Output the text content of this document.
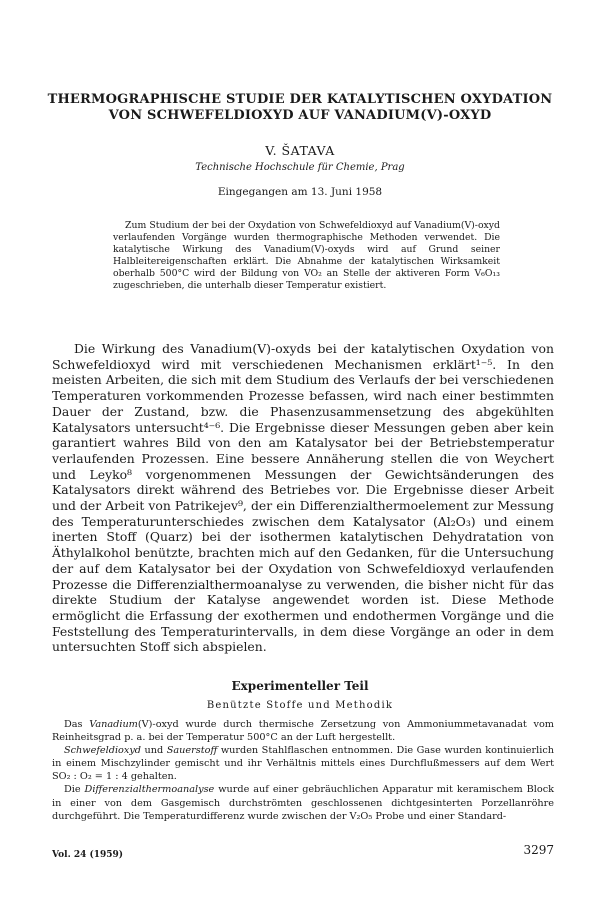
THERMOGRAPHISCHE STUDIE DER KATALYTISCHEN OXYDATION
VON SCHWEFELDIOXYD AUF VANADIUM(V)-OXYD
V. ŠATAVA
Technische Hochschule für Chemie, Prag
Eingegangen am 13. Juni 1958

Zum Studium der bei der Oxydation von Schwefeldioxyd auf Vanadium(V)-oxyd verlaufenden Vorgänge wurden thermographische Methoden verwendet. Die katalytische Wirkung des Vanadium(V)-oxyds wird auf Grund seiner Halbleitereigenschaften erklärt. Die Abnahme der katalytischen Wirksamkeit oberhalb 500°C wird der Bildung von VO₂ an Stelle der aktiveren Form V₆O₁₃ zugeschrieben, die unterhalb dieser Temperatur existiert.

Die Wirkung des Vanadium(V)-oxyds bei der katalytischen Oxydation von Schwefeldioxyd wird mit verschiedenen Mechanismen erklärt¹⁻⁵. In den meisten Arbeiten, die sich mit dem Studium des Verlaufs der bei verschiedenen Temperaturen vorkommenden Prozesse befassen, wird nach einer bestimmten Dauer der Zustand, bzw. die Phasenzusammensetzung des abgekühlten Katalysators untersucht⁴⁻⁶. Die Ergebnisse dieser Messungen geben aber kein garantiert wahres Bild von den am Katalysator bei der Betriebstemperatur verlaufenden Prozessen. Eine bessere Annäherung stellen die von Weychert und Leyko⁸ vorgenommenen Messungen der Gewichtsänderungen des Katalysators direkt während des Betriebes vor. Die Ergebnisse dieser Arbeit und der Arbeit von Patrikejev⁹, der ein Differenzialthermoelement zur Messung des Temperaturunterschiedes zwischen dem Katalysator (Al₂O₃) und einem inerten Stoff (Quarz) bei der isothermen katalytischen Dehydratation von Äthylalkohol benützte, brachten mich auf den Gedanken, für die Untersuchung der auf dem Katalysator bei der Oxydation von Schwefeldioxyd verlaufenden Prozesse die Differenzialthermoanalyse zu verwenden, die bisher nicht für das direkte Studium der Katalyse angewendet worden ist. Diese Methode ermöglicht die Erfassung der exothermen und endothermen Vorgänge und die Feststellung des Temperaturintervalls, in dem diese Vorgänge an oder in dem untersuchten Stoff sich abspielen.

Experimenteller Teil
Benützte Stoffe und Methodik

Das Vanadium(V)-oxyd wurde durch thermische Zersetzung von Ammoniummetavanadat vom Reinheitsgrad p. a. bei der Temperatur 500°C an der Luft hergestellt.

Schwefeldioxyd und Sauerstoff wurden Stahlflaschen entnommen. Die Gase wurden kontinuierlich in einem Mischzylinder gemischt und ihr Verhältnis mittels eines Durchflußmessers auf dem Wert SO₂ : O₂ = 1 : 4 gehalten.

Die Differenzialthermoanalyse wurde auf einer gebräuchlichen Apparatur mit keramischem Block in einer von dem Gasgemisch durchströmten geschlossenen dichtgesinterten Porzellanröhre durchgeführt. Die Temperaturdifferenz wurde zwischen der V₂O₅ Probe und einer Standard-

Vol. 24 (1959)	3297
